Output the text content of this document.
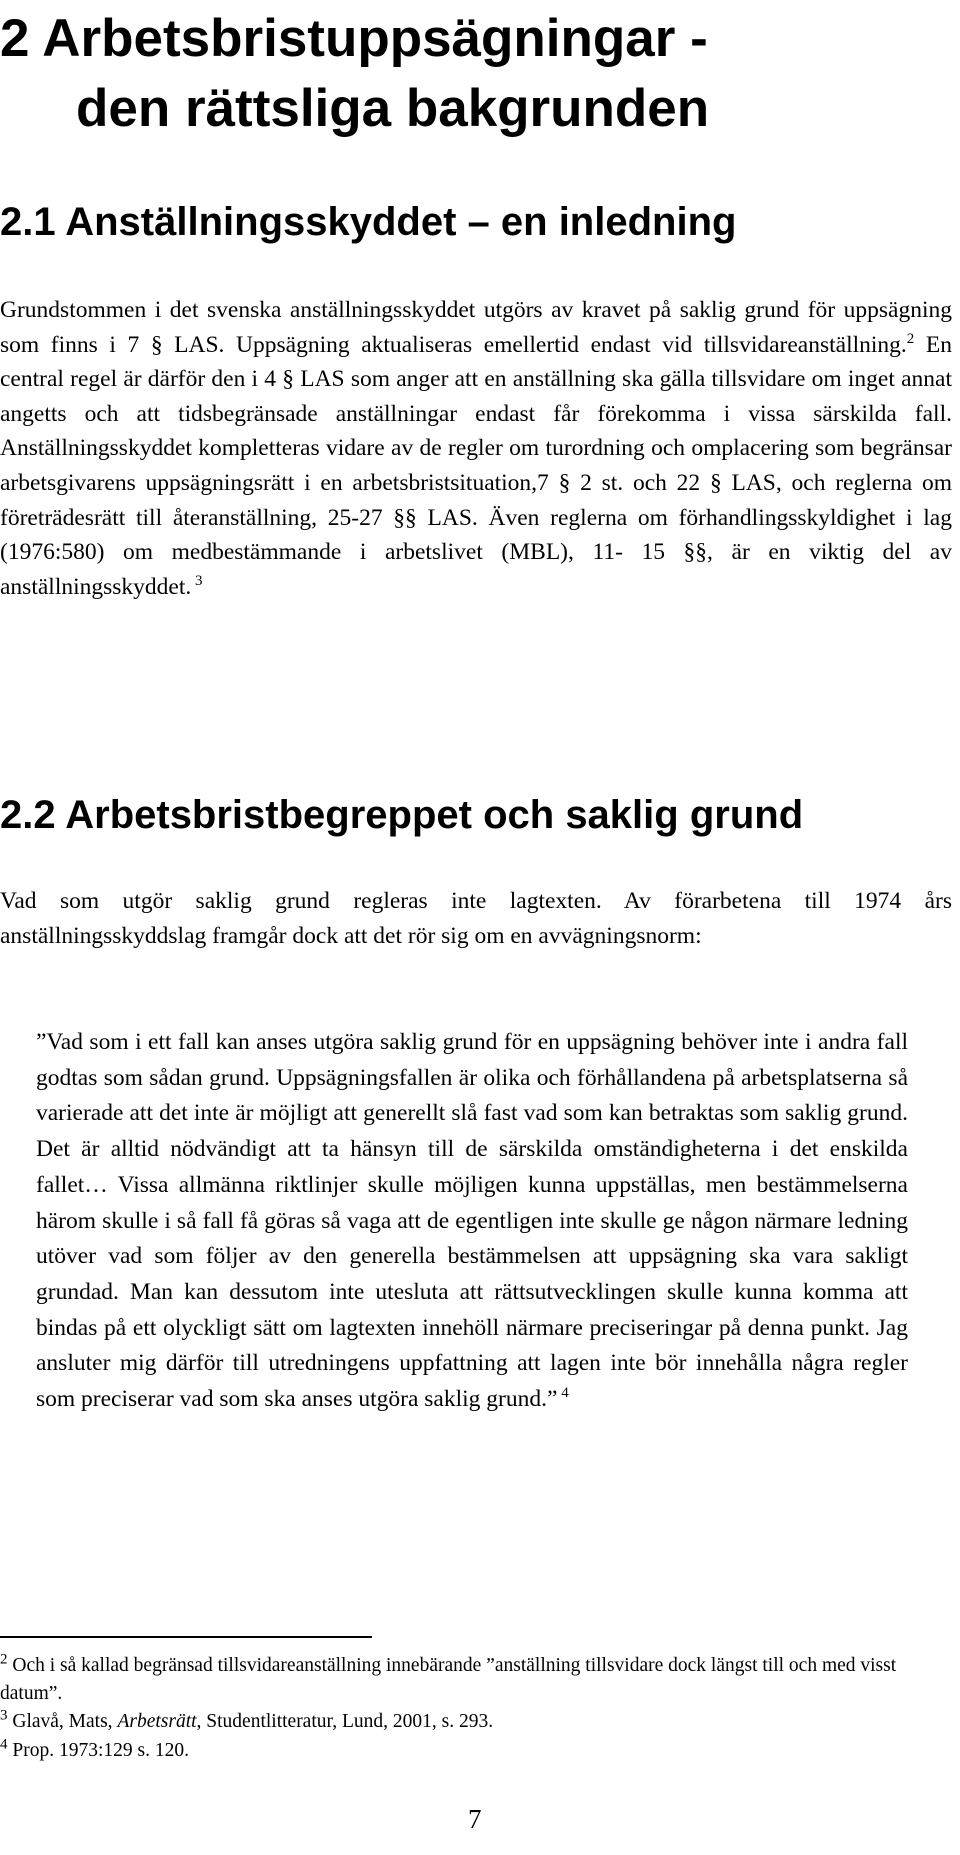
2 Arbetsbristuppsägningar -
den rättsliga bakgrunden
2.1 Anställningsskyddet – en inledning

Grundstommen i det svenska anställningsskyddet utgörs av kravet på saklig grund för uppsägning som finns i 7 § LAS. Uppsägning aktualiseras emellertid endast vid tillsvidareanställning.$^2$ En central regel är därför den i 4 § LAS som anger att en anställning ska gälla tillsvidare om inget annat angetts och att tidsbegränsade anställningar endast får förekomma i vissa särskilda fall. Anställningsskyddet kompletteras vidare av de regler om turordning och omplacering som begränsar arbetsgivarens uppsägningsrätt i en arbetsbristsituation,7 § 2 st. och 22 § LAS, och reglerna om företrädesrätt till återanställning, 25-27 §§ LAS. Även reglerna om förhandlingsskyldighet i lag (1976:580) om medbestämmande i arbetslivet (MBL), 11- 15 §§, är en viktig del av anställningsskyddet. $^3$

2.2 Arbetsbristbegreppet och saklig grund

Vad som utgör saklig grund regleras inte lagtexten. Av förarbetena till 1974 års anställningsskyddslag framgår dock att det rör sig om en avvägningsnorm:

”Vad som i ett fall kan anses utgöra saklig grund för en uppsägning behöver inte i andra fall godtas som sådan grund. Uppsägningsfallen är olika och förhållandena på arbetsplatserna så varierade att det inte är möjligt att generellt slå fast vad som kan betraktas som saklig grund. Det är alltid nödvändigt att ta hänsyn till de särskilda omständigheterna i det enskilda fallet… Vissa allmänna riktlinjer skulle möjligen kunna uppställas, men bestämmelserna härom skulle i så fall få göras så vaga att de egentligen inte skulle ge någon närmare ledning utöver vad som följer av den generella bestämmelsen att uppsägning ska vara sakligt grundad. Man kan dessutom inte utesluta att rättsutvecklingen skulle kunna komma att bindas på ett olyckligt sätt om lagtexten innehöll närmare preciseringar på denna punkt. Jag ansluter mig därför till utredningens uppfattning att lagen inte bör innehålla några regler som preciserar vad som ska anses utgöra saklig grund.” $^4$

$^2$ Och i så kallad begränsad tillsvidareanställning innebärande ”anställning tillsvidare dock längst till och med visst datum”.

$^3$ Glavå, Mats, Arbetsrätt, Studentlitteratur, Lund, 2001, s. 293.

$^4$ Prop. 1973:129 s. 120.

7
